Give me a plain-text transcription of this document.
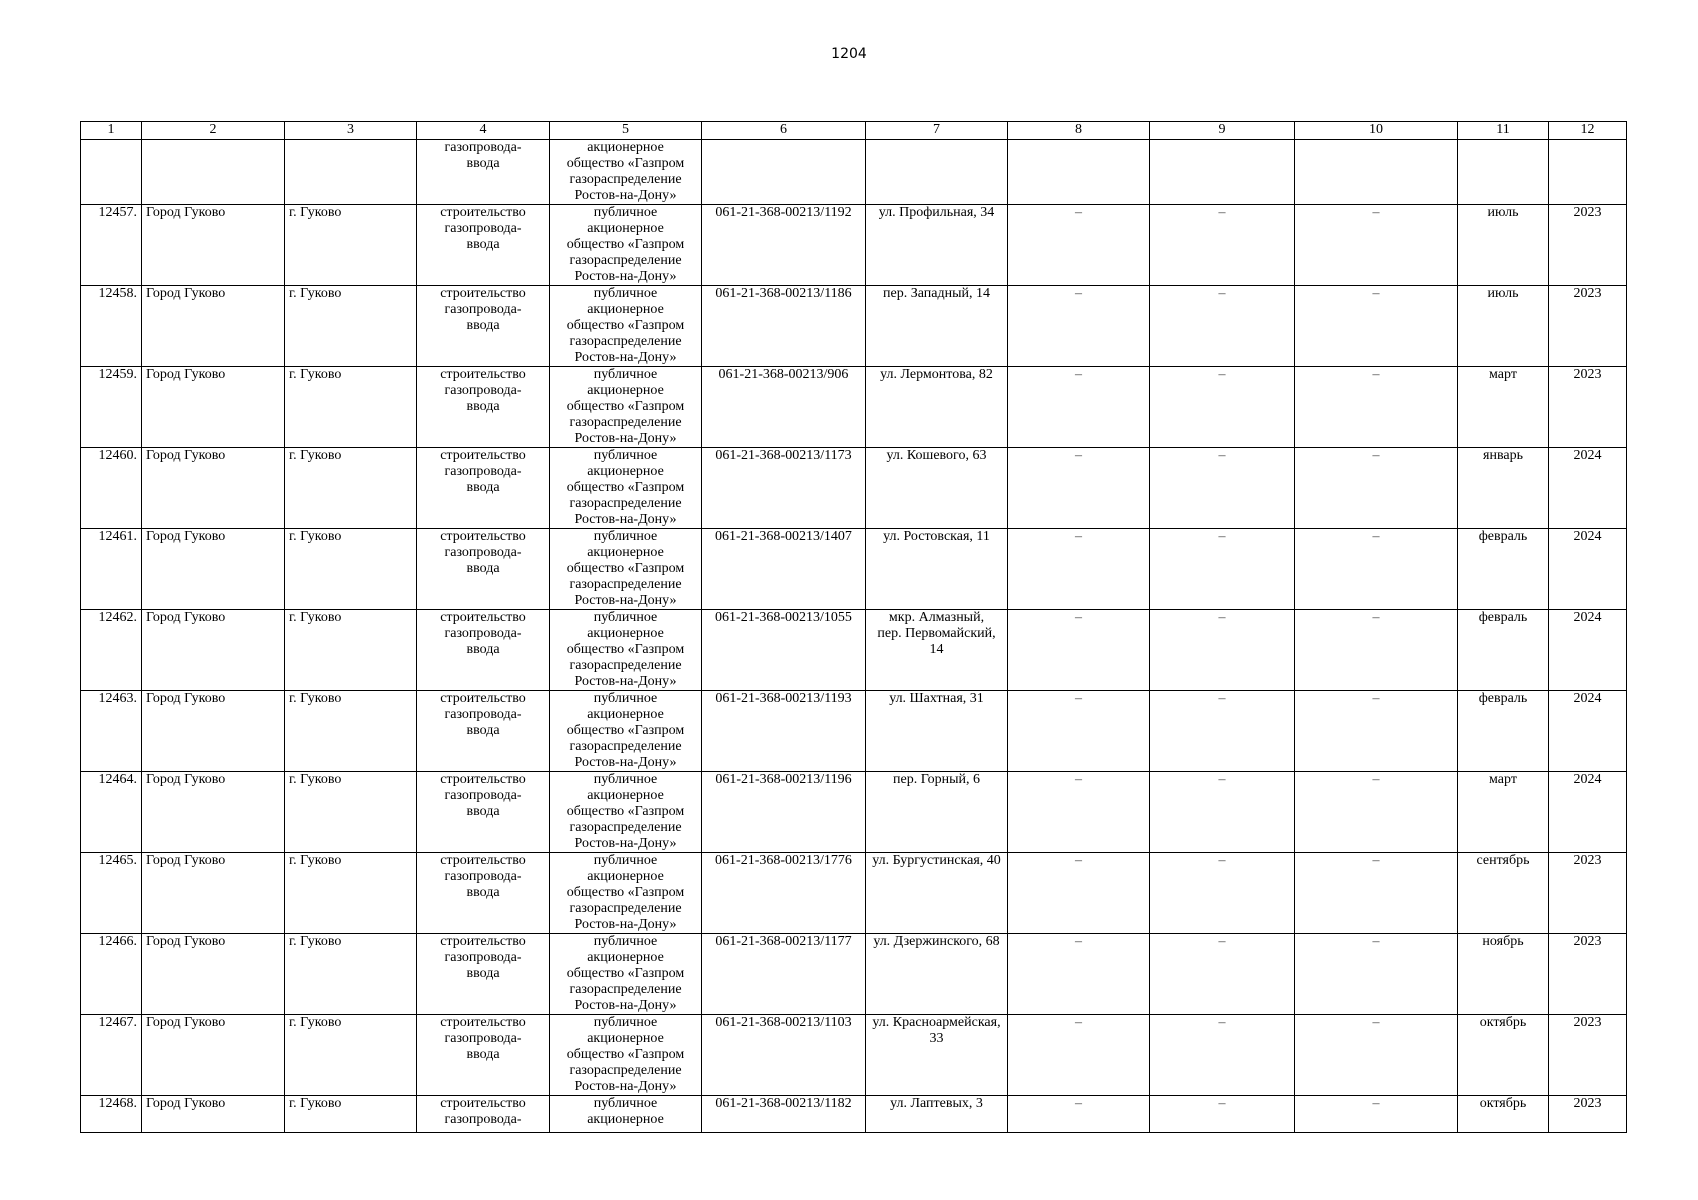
1204
1	2	3	4	5	6	7	8	9	10	11	12
			газопровода-
ввода	акционерное
общество «Газпром
газораспределение
Ростов-на-Дону»							
12457.	Город Гуково	г. Гуково	строительство
газопровода-
ввода	публичное
акционерное
общество «Газпром
газораспределение
Ростов-на-Дону»	061-21-368-00213/1192	ул. Профильная, 34	–	–	–	июль	2023
12458.	Город Гуково	г. Гуково	строительство
газопровода-
ввода	публичное
акционерное
общество «Газпром
газораспределение
Ростов-на-Дону»	061-21-368-00213/1186	пер. Западный, 14	–	–	–	июль	2023
12459.	Город Гуково	г. Гуково	строительство
газопровода-
ввода	публичное
акционерное
общество «Газпром
газораспределение
Ростов-на-Дону»	061-21-368-00213/906	ул. Лермонтова, 82	–	–	–	март	2023
12460.	Город Гуково	г. Гуково	строительство
газопровода-
ввода	публичное
акционерное
общество «Газпром
газораспределение
Ростов-на-Дону»	061-21-368-00213/1173	ул. Кошевого, 63	–	–	–	январь	2024
12461.	Город Гуково	г. Гуково	строительство
газопровода-
ввода	публичное
акционерное
общество «Газпром
газораспределение
Ростов-на-Дону»	061-21-368-00213/1407	ул. Ростовская, 11	–	–	–	февраль	2024
12462.	Город Гуково	г. Гуково	строительство
газопровода-
ввода	публичное
акционерное
общество «Газпром
газораспределение
Ростов-на-Дону»	061-21-368-00213/1055	мкр. Алмазный,
пер. Первомайский, 14	–	–	–	февраль	2024
12463.	Город Гуково	г. Гуково	строительство
газопровода-
ввода	публичное
акционерное
общество «Газпром
газораспределение
Ростов-на-Дону»	061-21-368-00213/1193	ул. Шахтная, 31	–	–	–	февраль	2024
12464.	Город Гуково	г. Гуково	строительство
газопровода-
ввода	публичное
акционерное
общество «Газпром
газораспределение
Ростов-на-Дону»	061-21-368-00213/1196	пер. Горный, 6	–	–	–	март	2024
12465.	Город Гуково	г. Гуково	строительство
газопровода-
ввода	публичное
акционерное
общество «Газпром
газораспределение
Ростов-на-Дону»	061-21-368-00213/1776	ул. Бургустинская, 40	–	–	–	сентябрь	2023
12466.	Город Гуково	г. Гуково	строительство
газопровода-
ввода	публичное
акционерное
общество «Газпром
газораспределение
Ростов-на-Дону»	061-21-368-00213/1177	ул. Дзержинского, 68	–	–	–	ноябрь	2023
12467.	Город Гуково	г. Гуково	строительство
газопровода-
ввода	публичное
акционерное
общество «Газпром
газораспределение
Ростов-на-Дону»	061-21-368-00213/1103	ул. Красноармейская,
33	–	–	–	октябрь	2023
12468.	Город Гуково	г. Гуково	строительство
газопровода-	публичное
акционерное	061-21-368-00213/1182	ул. Лаптевых, 3	–	–	–	октябрь	2023
